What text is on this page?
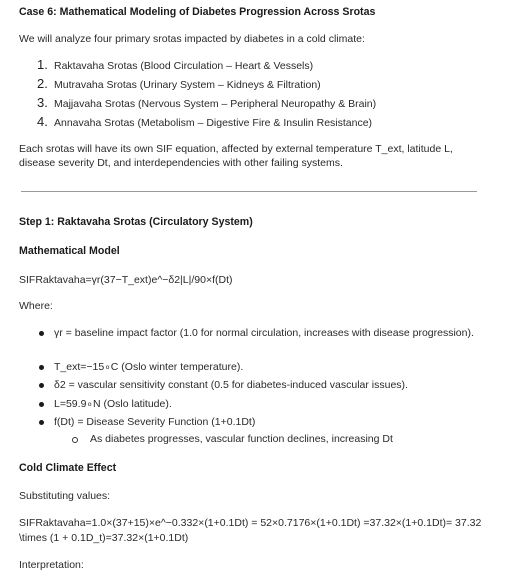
Case 6: Mathematical Modeling of Diabetes Progression Across Srotas
We will analyze four primary srotas impacted by diabetes in a cold climate:
1. Raktavaha Srotas (Blood Circulation – Heart & Vessels)
2. Mutravaha Srotas (Urinary System – Kidneys & Filtration)
3. Majjavaha Srotas (Nervous System – Peripheral Neuropathy & Brain)
4. Annavaha Srotas (Metabolism – Digestive Fire & Insulin Resistance)
Each srotas will have its own SIF equation, affected by external temperature T_ext, latitude L, disease severity Dt, and interdependencies with other failing systems.
Step 1: Raktavaha Srotas (Circulatory System)
Mathematical Model
SIFRaktavaha=γr(37−T_ext)e^−δ2|L|/90×f(Dt)
Where:
γr = baseline impact factor (1.0 for normal circulation, increases with disease progression).
T_ext=−15∘C (Oslo winter temperature).
δ2 = vascular sensitivity constant (0.5 for diabetes-induced vascular issues).
L=59.9∘N (Oslo latitude).
f(Dt) = Disease Severity Function (1+0.1Dt)
As diabetes progresses, vascular function declines, increasing Dt
Cold Climate Effect
Substituting values:
SIFRaktavaha=1.0×(37+15)×e^−0.332×(1+0.1Dt) = 52×0.7176×(1+0.1Dt) =37.32×(1+0.1Dt)= 37.32 \times (1 + 0.1D_t)=37.32×(1+0.1Dt)
Interpretation:
